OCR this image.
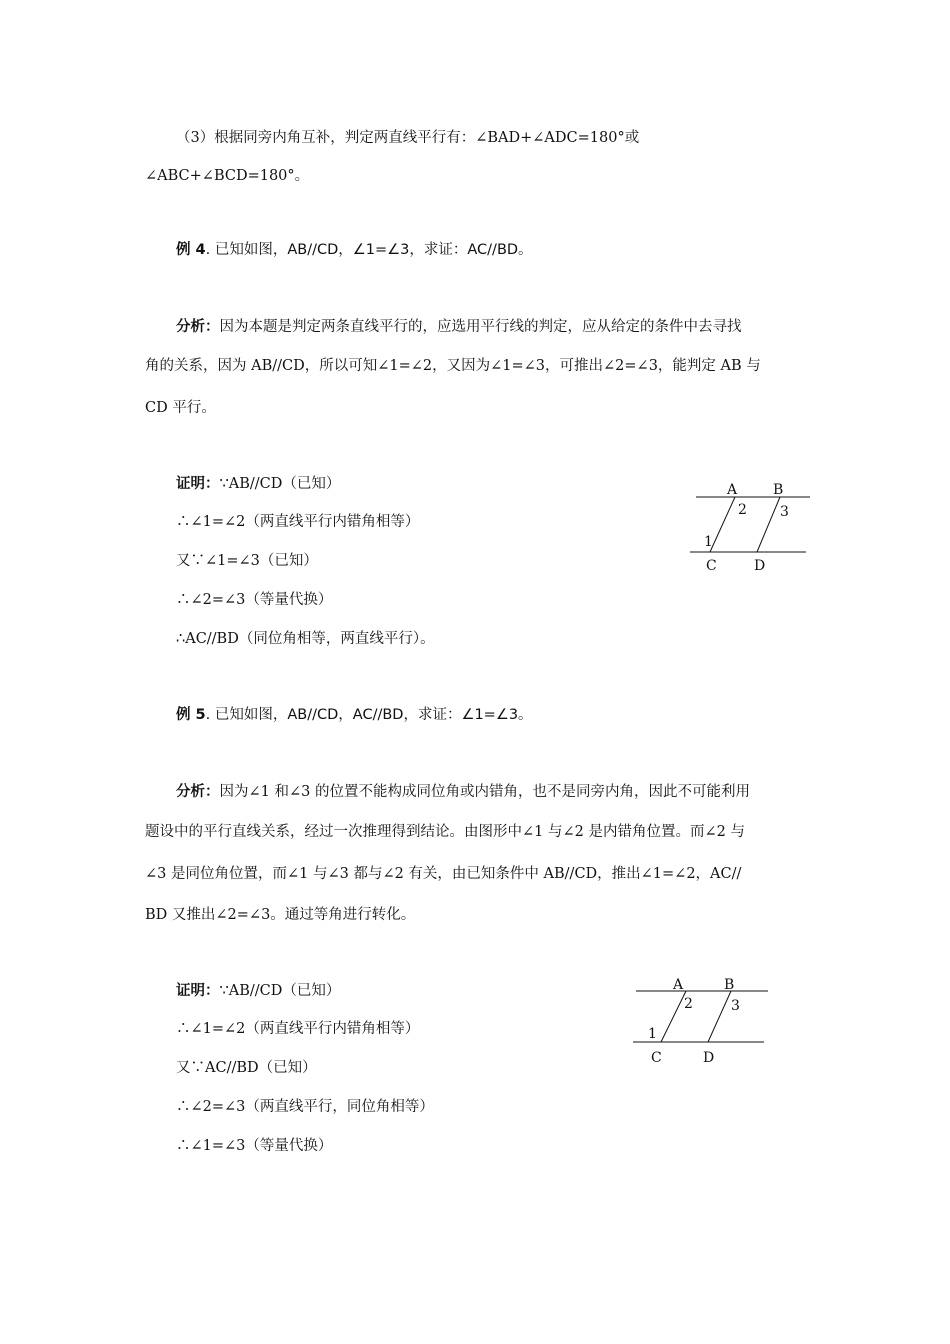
（3）根据同旁内角互补，判定两直线平行有：∠BAD+∠ADC=180°或
∠ABC+∠BCD=180°。
例 4. 已知如图，AB//CD，∠1=∠3，求证：AC//BD。
分析：因为本题是判定两条直线平行的，应选用平行线的判定，应从给定的条件中去寻找
角的关系，因为 AB//CD，所以可知∠1=∠2，又因为∠1=∠3，可推出∠2=∠3，能判定 AB 与
CD 平行。
证明：∵AB//CD（已知）
∴∠1=∠2（两直线平行内错角相等）
又∵∠1=∠3（已知）
∴∠2=∠3（等量代换）
∴AC//BD（同位角相等，两直线平行）。
A	B
2 3
1
C	D
例 5. 已知如图，AB//CD，AC//BD，求证：∠1=∠3。
分析：因为∠1 和∠3 的位置不能构成同位角或内错角，也不是同旁内角，因此不可能利用
题设中的平行直线关系，经过一次推理得到结论。由图形中∠1 与∠2 是内错角位置。而∠2 与
∠3 是同位角位置，而∠1 与∠3 都与∠2 有关，由已知条件中 AB//CD，推出∠1=∠2，AC//
BD 又推出∠2=∠3。通过等角进行转化。
证明：∵AB//CD（已知）
∴∠1=∠2（两直线平行内错角相等）
又∵AC//BD（已知）
∴∠2=∠3（两直线平行，同位角相等）
∴∠1=∠3（等量代换）
A	B
2	3
1
C	D
